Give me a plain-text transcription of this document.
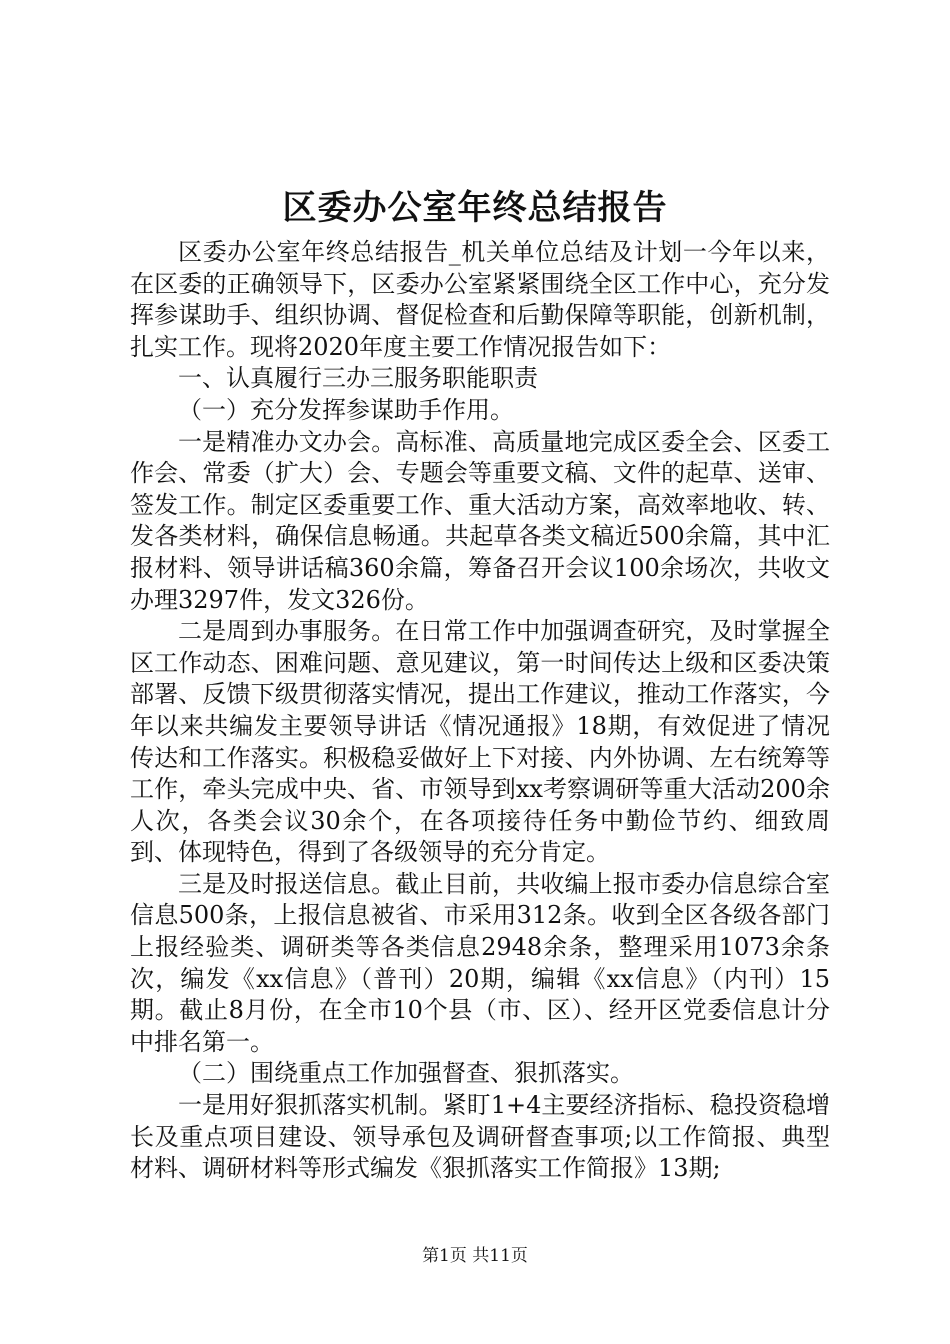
区委办公室年终总结报告

区委办公室年终总结报告_机关单位总结及计划一今年以来，在区委的正确领导下，区委办公室紧紧围绕全区工作中心，充分发挥参谋助手、组织协调、督促检查和后勤保障等职能，创新机制，扎实工作。现将2020年度主要工作情况报告如下：

一、认真履行三办三服务职能职责

（一）充分发挥参谋助手作用。

一是精准办文办会。高标准、高质量地完成区委全会、区委工作会、常委（扩大）会、专题会等重要文稿、文件的起草、送审、签发工作。制定区委重要工作、重大活动方案，高效率地收、转、发各类材料，确保信息畅通。共起草各类文稿近500余篇，其中汇报材料、领导讲话稿360余篇，筹备召开会议100余场次，共收文办理3297件，发文326份。

二是周到办事服务。在日常工作中加强调查研究，及时掌握全区工作动态、困难问题、意见建议，第一时间传达上级和区委决策部署、反馈下级贯彻落实情况，提出工作建议，推动工作落实，今年以来共编发主要领导讲话《情况通报》18期，有效促进了情况传达和工作落实。积极稳妥做好上下对接、内外协调、左右统筹等工作，牵头完成中央、省、市领导到xx考察调研等重大活动200余人次，各类会议30余个，在各项接待任务中勤俭节约、细致周到、体现特色，得到了各级领导的充分肯定。

三是及时报送信息。截止目前，共收编上报市委办信息综合室信息500条，上报信息被省、市采用312条。收到全区各级各部门上报经验类、调研类等各类信息2948余条，整理采用1073余条次，编发《xx信息》（普刊）20期，编辑《xx信息》（内刊）15期。截止8月份，在全市10个县（市、区）、经开区党委信息计分中排名第一。

（二）围绕重点工作加强督查、狠抓落实。

一是用好狠抓落实机制。紧盯1+4主要经济指标、稳投资稳增长及重点项目建设、领导承包及调研督查事项;以工作简报、典型材料、调研材料等形式编发《狠抓落实工作简报》13期;

第1页 共11页
